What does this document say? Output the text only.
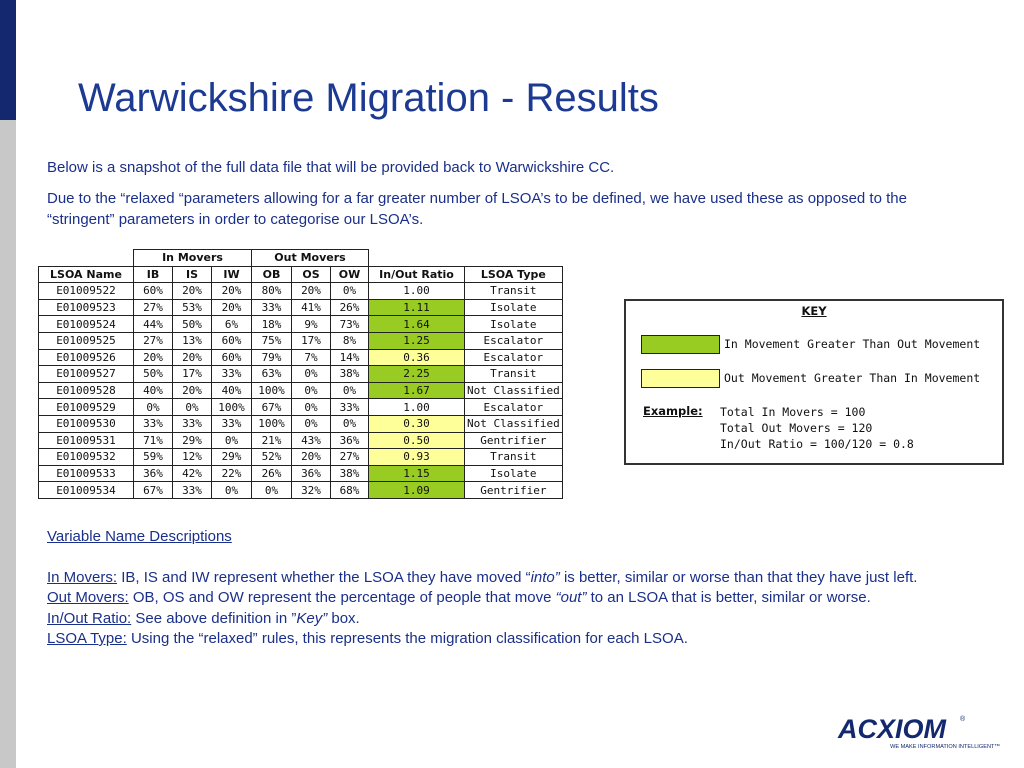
Warwickshire Migration - Results
Below is a snapshot of the full data file that will be provided back to Warwickshire CC.
Due to the “relaxed “parameters allowing for a far greater number of LSOA’s to be defined, we have used these as opposed to the “stringent” parameters in order to categorise our LSOA’s.
	In Movers			Out Movers				
LSOA Name	IB	IS	IW	OB	OS	OW	In/Out Ratio	LSOA Type
E01009522	60%	20%	20%	80%	20%	0%	1.00	Transit
E01009523	27%	53%	20%	33%	41%	26%	1.11	Isolate
E01009524	44%	50%	6%	18%	9%	73%	1.64	Isolate
E01009525	27%	13%	60%	75%	17%	8%	1.25	Escalator
E01009526	20%	20%	60%	79%	7%	14%	0.36	Escalator
E01009527	50%	17%	33%	63%	0%	38%	2.25	Transit
E01009528	40%	20%	40%	100%	0%	0%	1.67	Not Classified
E01009529	0%	0%	100%	67%	0%	33%	1.00	Escalator
E01009530	33%	33%	33%	100%	0%	0%	0.30	Not Classified
E01009531	71%	29%	0%	21%	43%	36%	0.50	Gentrifier
E01009532	59%	12%	29%	52%	20%	27%	0.93	Transit
E01009533	36%	42%	22%	26%	36%	38%	1.15	Isolate
E01009534	67%	33%	0%	0%	32%	68%	1.09	Gentrifier
KEY
In Movement Greater Than Out Movement
Out Movement Greater Than In Movement
Example: Total In Movers = 100
Total Out Movers = 120
In/Out Ratio = 100/120 = 0.8
Variable Name Descriptions
In Movers: IB, IS and IW represent whether the LSOA they have moved “into” is better, similar or worse than that they have just left.
Out Movers: OB, OS and OW represent the percentage of people that move “out” to an LSOA that is better, similar or worse.
In/Out Ratio: See above definition in ”Key” box.
LSOA Type: Using the “relaxed” rules, this represents the migration classification for each LSOA.
ACXIOM ®
WE MAKE INFORMATION INTELLIGENT™
